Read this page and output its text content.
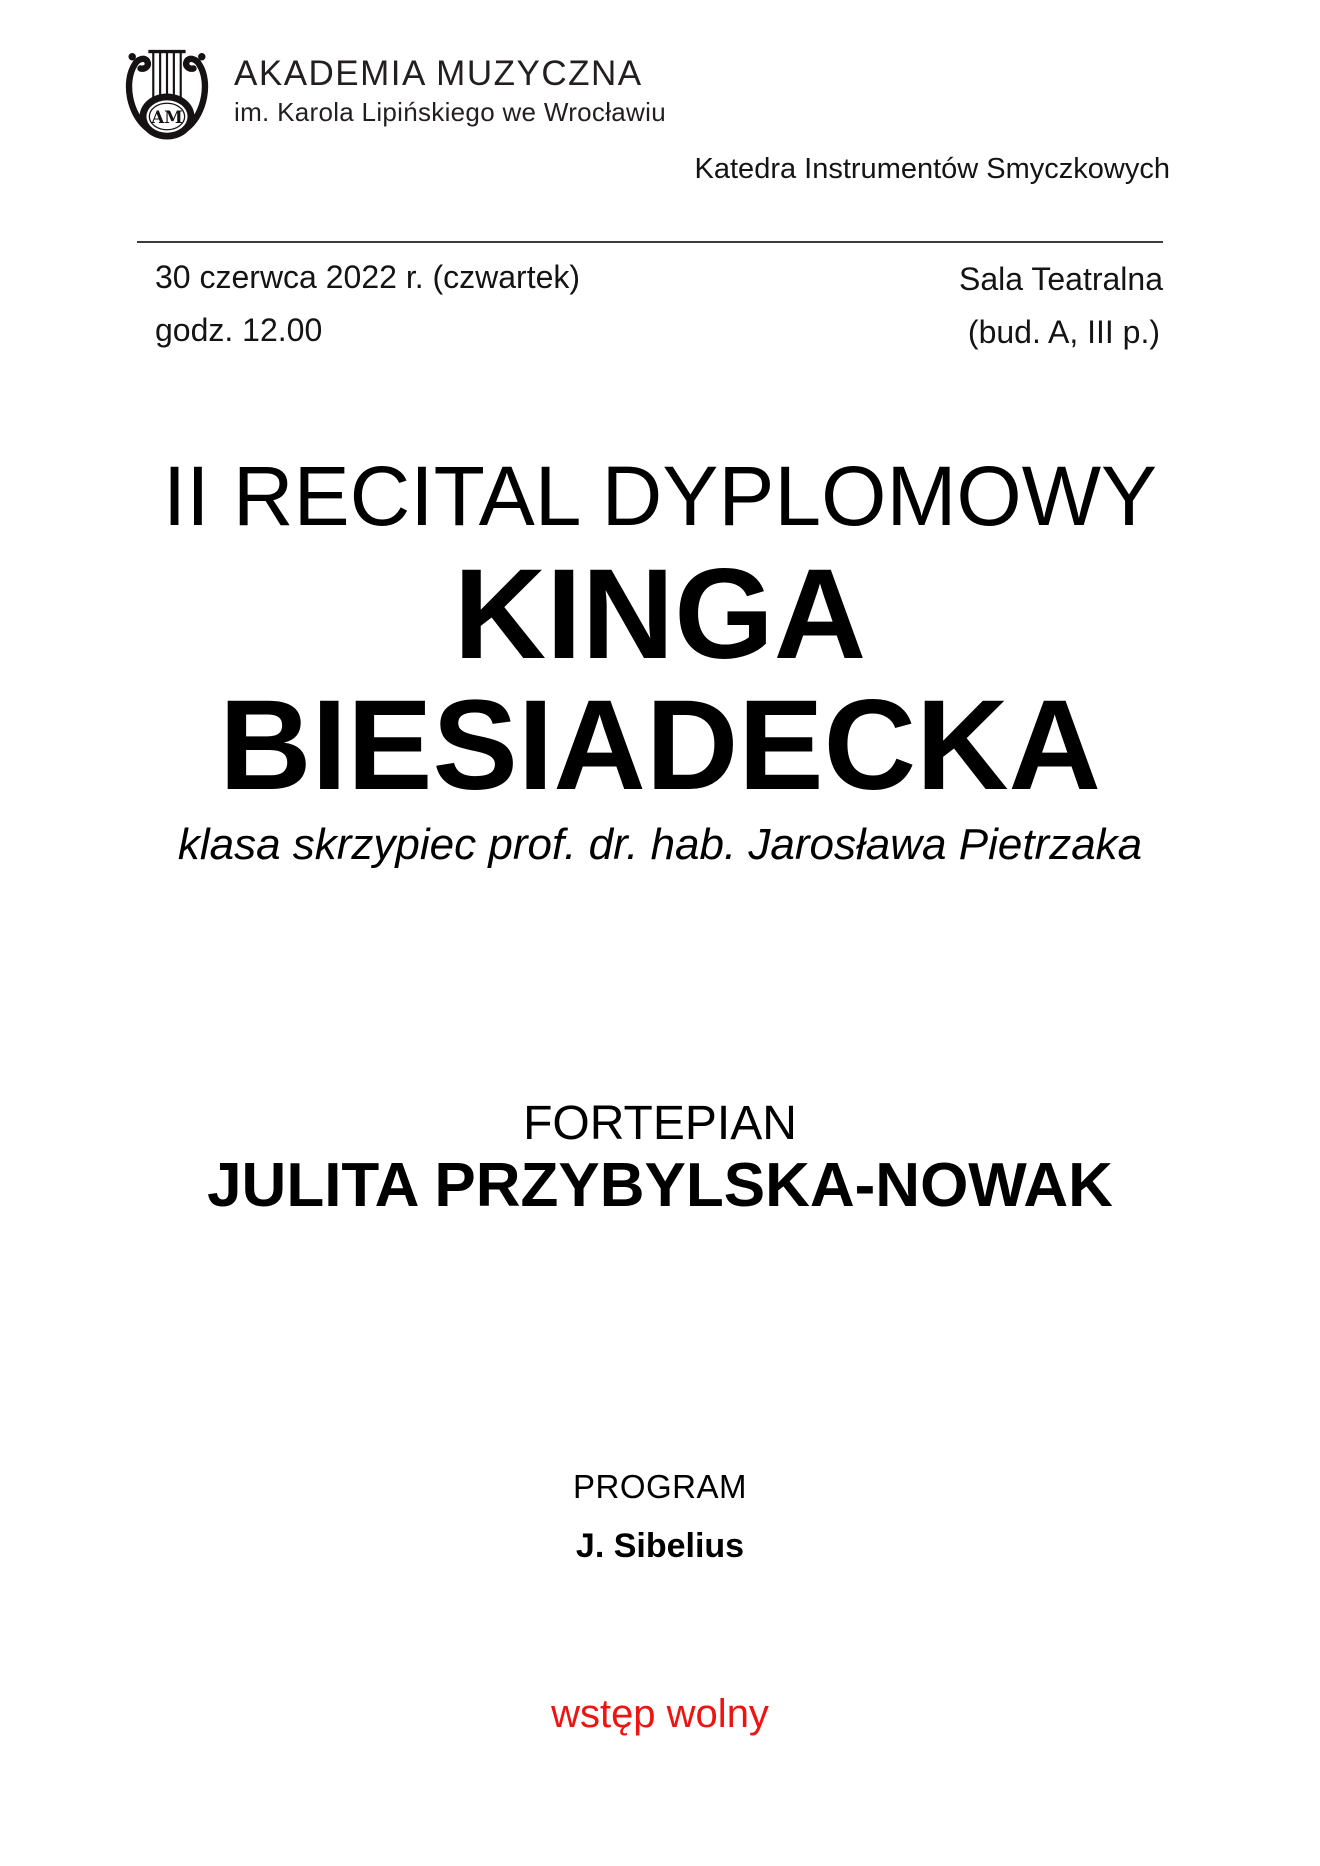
AM
AKADEMIA MUZYCZNA
im. Karola Lipińskiego we Wrocławiu
Katedra Instrumentów Smyczkowych
30 czerwca 2022 r. (czwartek)
godz. 12.00
Sala Teatralna
(bud. A, III p.)
II RECITAL DYPLOMOWY
KINGA
BIESIADECKA
klasa skrzypiec prof. dr. hab. Jarosława Pietrzaka
FORTEPIAN
JULITA PRZYBYLSKA-NOWAK
PROGRAM
J. Sibelius
wstęp wolny
